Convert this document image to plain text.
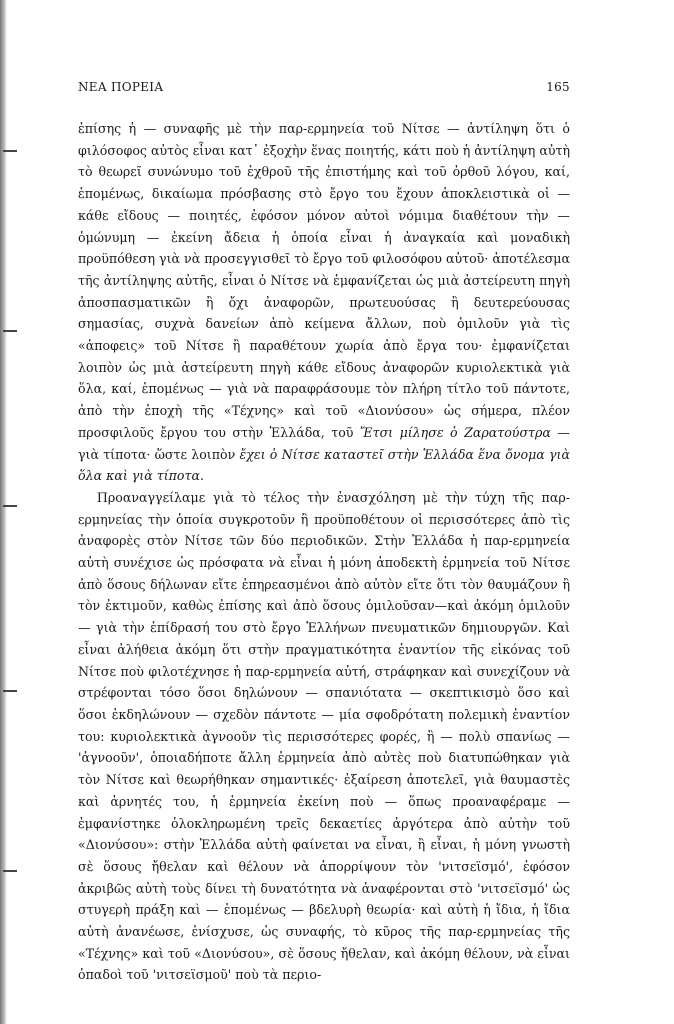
ΝΕΑ ΠΟΡΕΙΑ	165

ἐπίσης ἡ — συναφῆς μὲ τὴν παρ-ερμηνεία τοῦ Νίτσε — ἀντίληψη ὅτι ὁ φιλόσοφος αὐτὸς εἶναι κατ᾽ ἐξοχὴν ἕνας ποιητής, κάτι ποὺ ἡ ἀντίληψη αὐτὴ τὸ θεωρεῖ συνώνυμο τοῦ ἐχθροῦ τῆς ἐπιστήμης καὶ τοῦ ὀρθοῦ λόγου, καί, ἑπομένως, δικαίωμα πρόσβασης στὸ ἔργο του ἔχουν ἀποκλειστικὰ οἱ — κάθε εἴδους — ποιητές, ἐφόσον μόνον αὐτοὶ νόμιμα διαθέτουν τὴν — ὁμώνυμη — ἐκείνη ἄδεια ἡ ὁποία εἶναι ἡ ἀναγκαία καὶ μοναδικὴ προϋπόθεση γιὰ νὰ προσεγγισθεῖ τὸ ἔργο τοῦ φιλοσόφου αὐτοῦ· ἀποτέλεσμα τῆς ἀντίληψης αὐτῆς, εἶναι ὁ Νίτσε νὰ ἐμφανίζεται ὡς μιὰ ἀστείρευτη πηγὴ ἀποσπασματικῶν ἢ ὄχι ἀναφορῶν, πρωτευούσας ἢ δευτερεύουσας σημασίας, συχνὰ δανείων ἀπὸ κείμενα ἄλλων, ποὺ ὁμιλοῦν γιὰ τὶς «ἀποφεις» τοῦ Νίτσε ἢ παραθέτουν χωρία ἀπὸ ἔργα του· ἐμφανίζεται λοιπὸν ὡς μιὰ ἀστείρευτη πηγὴ κάθε εἴδους ἀναφορῶν κυριολεκτικὰ γιὰ ὅλα, καί, ἑπομένως — γιὰ νὰ παραφράσουμε τὸν πλήρη τίτλο τοῦ πάντοτε, ἀπὸ τὴν ἐποχὴ τῆς «Τέχνης» καὶ τοῦ «Διονύσου» ὡς σήμερα, πλέον προσφιλοῦς ἔργου του στὴν Ἑλλάδα, τοῦ Ἔτσι μίλησε ὁ Ζαρατούστρα — γιὰ τίποτα· ὥστε λοιπὸν ἔχει ὁ Νίτσε καταστεῖ στὴν Ἑλλάδα ἕνα ὄνομα γιὰ ὅλα καὶ γιὰ τίποτα.

Προαναγγείλαμε γιὰ τὸ τέλος τὴν ἐνασχόληση μὲ τὴν τύχη τῆς παρ-ερμηνείας τὴν ὁποία συγκροτοῦν ἢ προϋποθέτουν οἱ περισσότερες ἀπὸ τὶς ἀναφορὲς στὸν Νίτσε τῶν δύο περιοδικῶν. Στὴν Ἑλλάδα ἡ παρ-ερμηνεία αὐτὴ συνέχισε ὡς πρόσφατα νὰ εἶναι ἡ μόνη ἀποδεκτὴ ἑρμηνεία τοῦ Νίτσε ἀπὸ ὅσους δήλωναν εἴτε ἐπηρεασμένοι ἀπὸ αὐτὸν εἴτε ὅτι τὸν θαυμάζουν ἢ τὸν ἐκτιμοῦν, καθὼς ἐπίσης καὶ ἀπὸ ὅσους ὁμιλοῦσαν—καὶ ἀκόμη ὁμιλοῦν — γιὰ τὴν ἐπίδρασή του στὸ ἔργο Ἑλλήνων πνευματικῶν δημιουργῶν. Καὶ εἶναι ἀλήθεια ἀκόμη ὅτι στὴν πραγματικότητα ἐναντίον τῆς εἰκόνας τοῦ Νίτσε ποὺ φιλοτέχνησε ἡ παρ-ερμηνεία αὐτή, στράφηκαν καὶ συνεχίζουν νὰ στρέφονται τόσο ὅσοι δηλώνουν — σπανιότατα — σκεπτικισμὸ ὅσο καὶ ὅσοι ἐκδηλώνουν — σχεδὸν πάντοτε — μία σφοδρότατη πολεμικὴ ἐναντίον του: κυριολεκτικὰ ἀγνοοῦν τὶς περισσότερες φορές, ἢ — πολὺ σπανίως — 'ἀγνοοῦν', ὁποιαδήποτε ἄλλη ἑρμηνεία ἀπὸ αὐτὲς ποὺ διατυπώθηκαν γιὰ τὸν Νίτσε καὶ θεωρήθηκαν σημαντικές· ἐξαίρεση ἀποτελεῖ, γιὰ θαυμαστὲς καὶ ἀρνητές του, ἡ ἑρμηνεία ἐκείνη ποὺ — ὅπως προαναφέραμε — ἐμφανίστηκε ὁλοκληρωμένη τρεῖς δεκαετίες ἀργότερα ἀπὸ αὐτὴν τοῦ «Διονύσου»: στὴν Ἑλλάδα αὐτὴ φαίνεται να εἶναι, ἢ εἶναι, ἡ μόνη γνωστὴ σὲ ὅσους ἤθελαν καὶ θέλουν νὰ ἀπορρίψουν τὸν 'νιτσεϊσμό', ἐφόσον ἀκριβῶς αὐτὴ τοὺς δίνει τὴ δυνατότητα νὰ ἀναφέρονται στὸ 'νιτσεϊσμό' ὡς στυγερὴ πράξη καὶ — ἑπομένως — βδελυρὴ θεωρία· καὶ αὐτὴ ἡ ἴδια, ἡ ἴδια αὐτὴ ἀνανέωσε, ἐνίσχυσε, ὡς συναφής, τὸ κῦρος τῆς παρ-ερμηνείας τῆς «Τέχνης» καὶ τοῦ «Διονύσου», σὲ ὅσους ἤθελαν, καὶ ἀκόμη θέλουν, νὰ εἶναι ὀπαδοὶ τοῦ 'νιτσεϊσμοῦ' ποὺ τὰ περιο-
